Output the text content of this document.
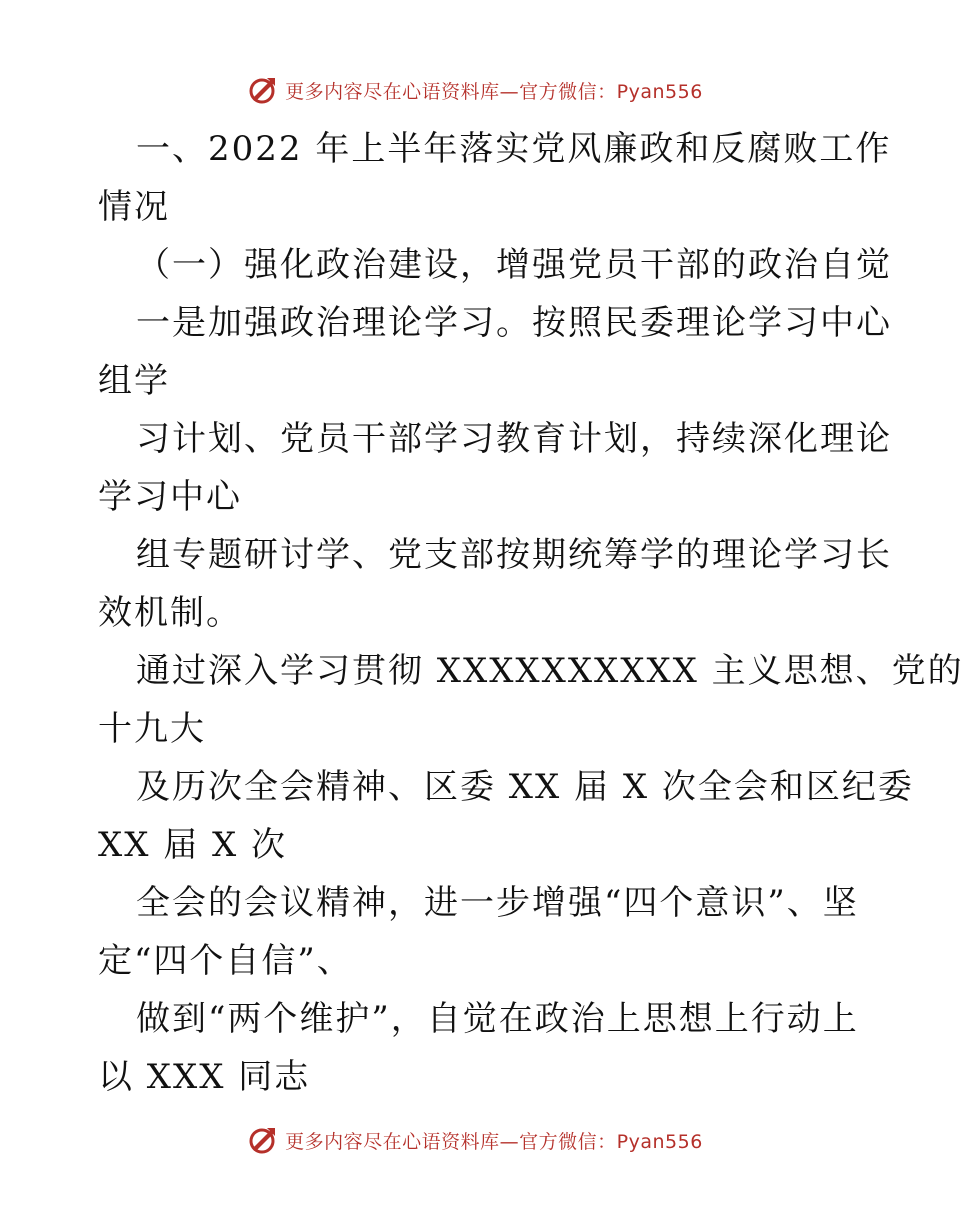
更多内容尽在心语资料库—官方微信：Pyan556

一、2022 年上半年落实党风廉政和反腐败工作
情况

（一）强化政治建设，增强党员干部的政治自觉

一是加强政治理论学习。按照民委理论学习中心
组学

习计划、党员干部学习教育计划，持续深化理论
学习中心

组专题研讨学、党支部按期统筹学的理论学习长
效机制。

通过深入学习贯彻 XXXXXXXXXX 主义思想、党的
十九大

及历次全会精神、区委 XX 届 X 次全会和区纪委
XX 届 X 次

全会的会议精神，进一步增强“四个意识”、坚
定“四个自信”、

做到“两个维护”，自觉在政治上思想上行动上
以 XXX 同志

更多内容尽在心语资料库—官方微信：Pyan556
